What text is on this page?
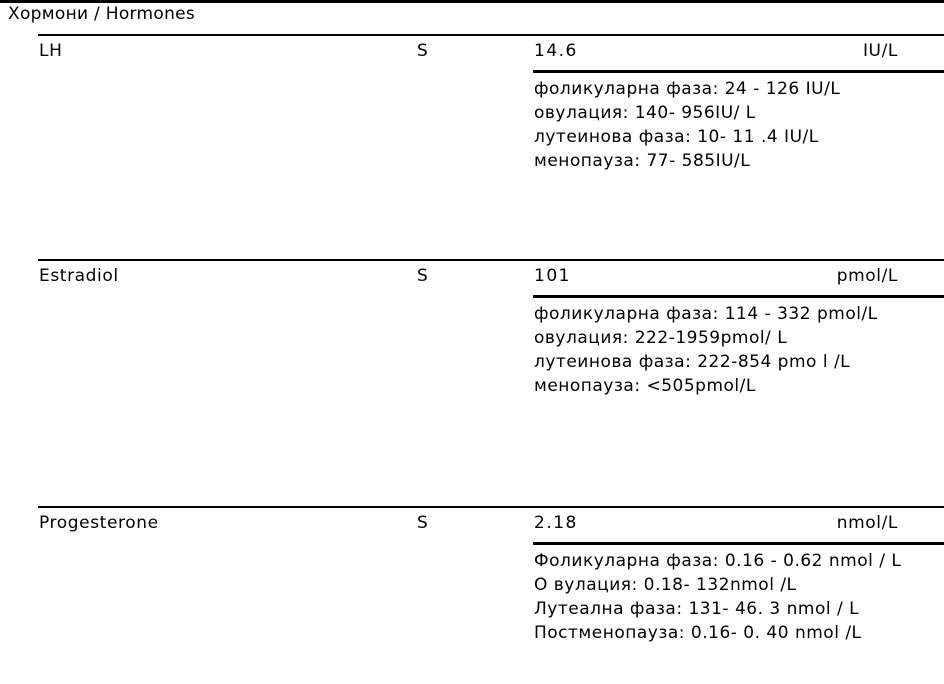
Хормони / Hormones
LH	S	14.6	IU/L
фоликуларна фаза: 24 - 126 IU/L
овулация: 140- 956IU/ L
лутеинова фаза: 10- 11 .4 IU/L
менопауза: 77- 585IU/L
Estradiol	S	101	pmol/L
фоликуларна фаза: 114 - 332 pmol/L
овулация: 222-1959pmol/ L
лутеинова фаза: 222-854 pmo l /L
менопауза: <505pmol/L
Progesterone	S	2.18	nmol/L
Фоликуларна фаза: 0.16 - 0.62 nmol / L
О вулация: 0.18- 132nmol /L
Лутеална фаза: 131- 46. 3 nmol / L
Постменопауза: 0.16- 0. 40 nmol /L
